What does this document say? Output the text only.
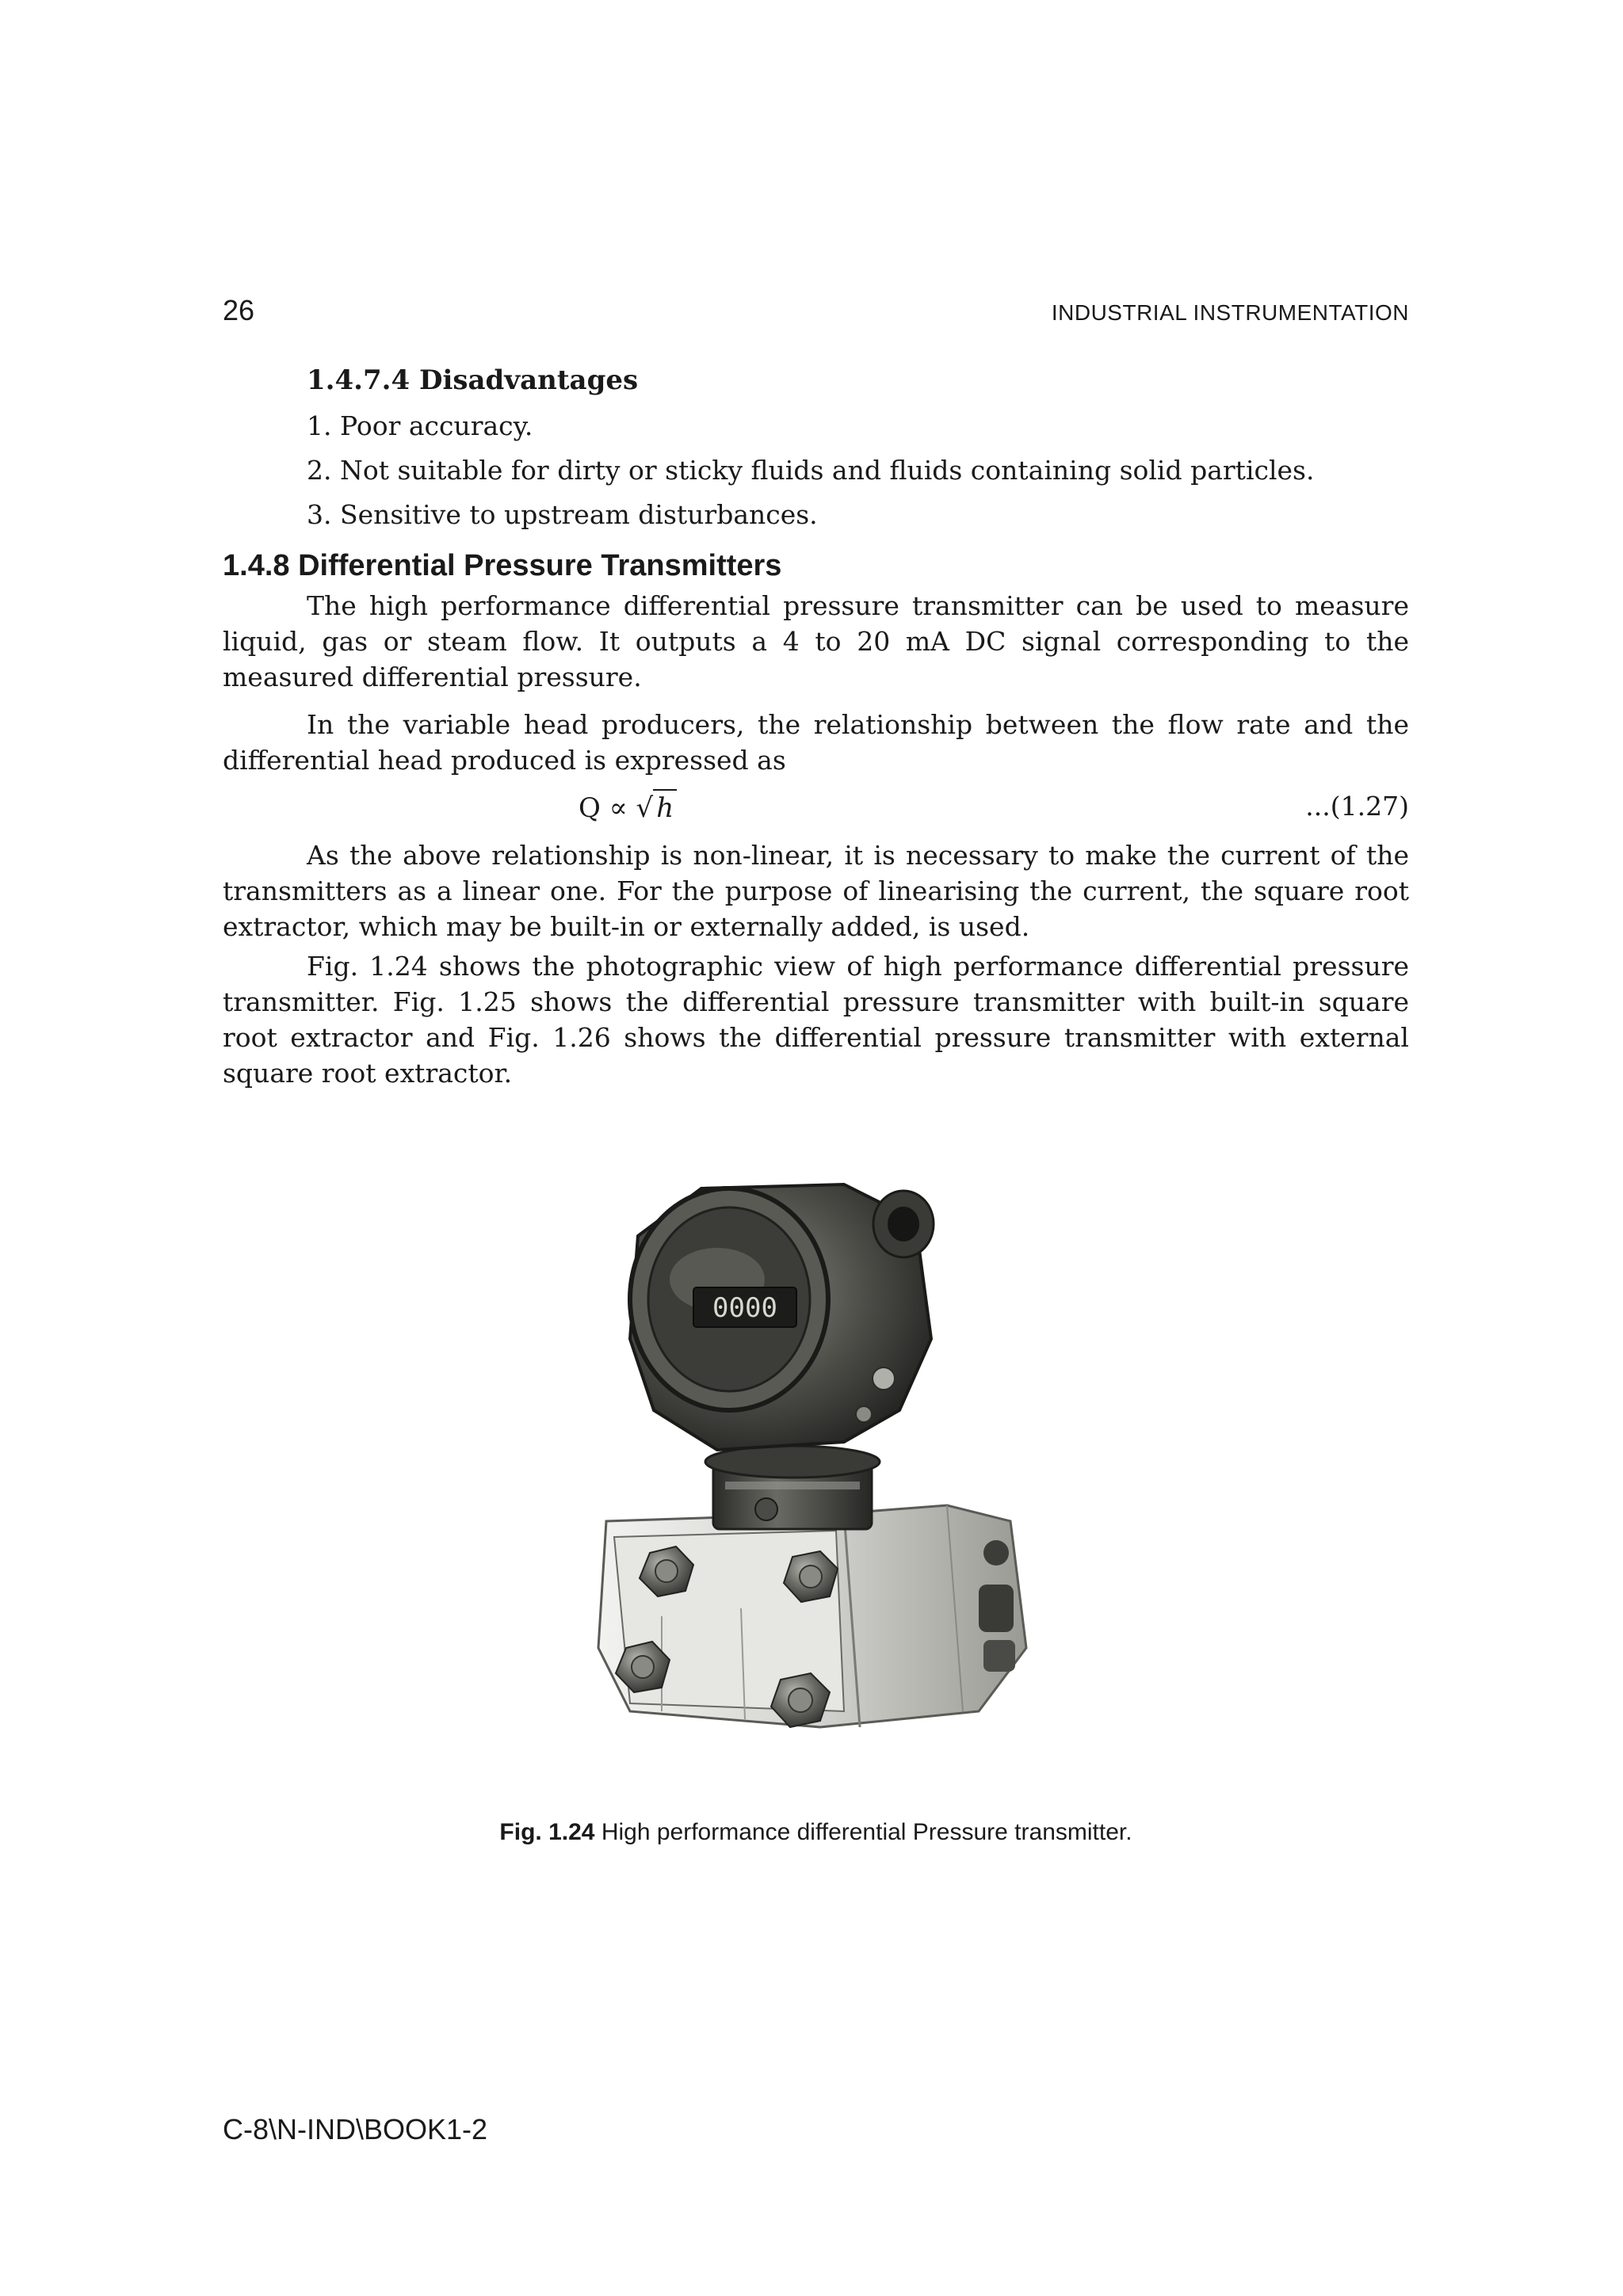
26	INDUSTRIAL INSTRUMENTATION
1.4.7.4 Disadvantages
1. Poor accuracy.
2. Not suitable for dirty or sticky fluids and fluids containing solid particles.
3. Sensitive to upstream disturbances.
1.4.8 Differential Pressure Transmitters

The high performance differential pressure transmitter can be used to measure liquid, gas or steam flow. It outputs a 4 to 20 mA DC signal corresponding to the measured differential pressure.

In the variable head producers, the relationship between the flow rate and the differential head produced is expressed as

Q ∝ √ h	...(1.27)

As the above relationship is non-linear, it is necessary to make the current of the transmitters as a linear one. For the purpose of linearising the current, the square root extractor, which may be built-in or externally added, is used.

Fig. 1.24 shows the photographic view of high performance differential pressure transmitter. Fig. 1.25 shows the differential pressure transmitter with built-in square root extractor and Fig. 1.26 shows the differential pressure transmitter with external square root extractor.

0000
Fig. 1.24 High performance differential Pressure transmitter.
C-8\N-IND\BOOK1-2
